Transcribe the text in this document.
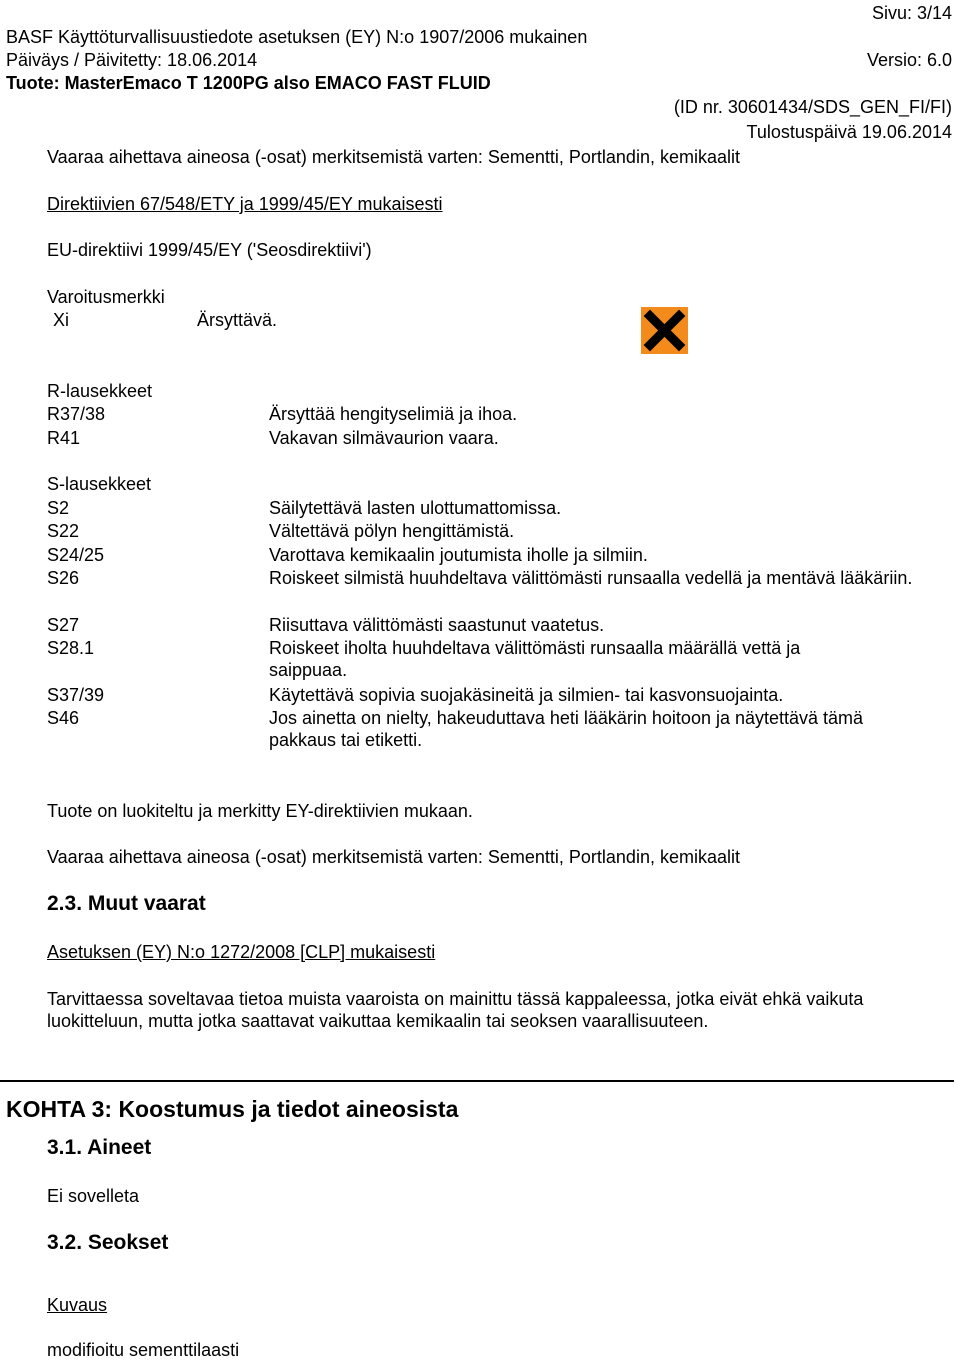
Sivu: 3/14
BASF Käyttöturvallisuustiedote asetuksen (EY) N:o 1907/2006 mukainen
Päiväys / Päivitetty: 18.06.2014	Versio: 6.0
Tuote: MasterEmaco T 1200PG also EMACO FAST FLUID
(ID nr. 30601434/SDS_GEN_FI/FI)
Tulostuspäivä 19.06.2014
Vaaraa aihettava aineosa (-osat) merkitsemistä varten: Sementti, Portlandin, kemikaalit
Direktiivien 67/548/ETY ja 1999/45/EY mukaisesti
EU-direktiivi 1999/45/EY ('Seosdirektiivi')
Varoitusmerkki
Xi	Ärsyttävä.
R-lausekkeet
R37/38	Ärsyttää hengityselimiä ja ihoa.
R41	Vakavan silmävaurion vaara.
S-lausekkeet
S2	Säilytettävä lasten ulottumattomissa.
S22	Vältettävä pölyn hengittämistä.
S24/25	Varottava kemikaalin joutumista iholle ja silmiin.
S26	Roiskeet silmistä huuhdeltava välittömästi runsaalla vedellä ja mentävä lääkäriin.
S27	Riisuttava välittömästi saastunut vaatetus.
S28.1	Roiskeet iholta huuhdeltava välittömästi runsaalla määrällä vettä ja saippuaa.
S37/39	Käytettävä sopivia suojakäsineitä ja silmien- tai kasvonsuojainta.
S46	Jos ainetta on nielty, hakeuduttava heti lääkärin hoitoon ja näytettävä tämä pakkaus tai etiketti.
Tuote on luokiteltu ja merkitty EY-direktiivien mukaan.
Vaaraa aihettava aineosa (-osat) merkitsemistä varten: Sementti, Portlandin, kemikaalit
2.3. Muut vaarat
Asetuksen (EY) N:o 1272/2008 [CLP] mukaisesti
Tarvittaessa soveltavaa tietoa muista vaaroista on mainittu tässä kappaleessa, jotka eivät ehkä vaikuta luokitteluun, mutta jotka saattavat vaikuttaa kemikaalin tai seoksen vaarallisuuteen.
KOHTA 3: Koostumus ja tiedot aineosista
3.1. Aineet
Ei sovelleta
3.2. Seokset
Kuvaus
modifioitu sementtilaasti
